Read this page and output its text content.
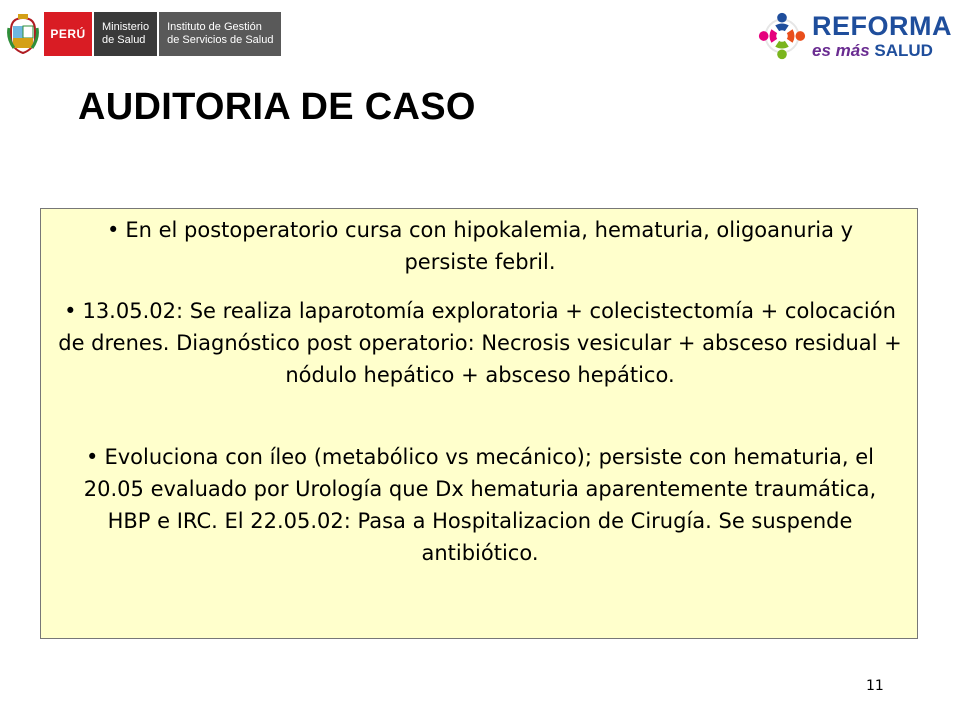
PERÚ	Ministerio
de Salud
Instituto de Gestión
de Servicios de Salud	REFORMA
es más SALUD
AUDITORIA DE CASO
• En el postoperatorio cursa con hipokalemia, hematuria, oligoanuria y persiste febril.
• 13.05.02: Se realiza laparotomía exploratoria + colecistectomía + colocación de drenes. Diagnóstico post operatorio: Necrosis vesicular + absceso residual + nódulo hepático + absceso hepático.
• Evoluciona con íleo (metabólico vs mecánico); persiste con hematuria, el 20.05 evaluado por Urología que Dx hematuria aparentemente traumática, HBP e IRC. El 22.05.02: Pasa a Hospitalizacion de Cirugía. Se suspende antibiótico.
11
